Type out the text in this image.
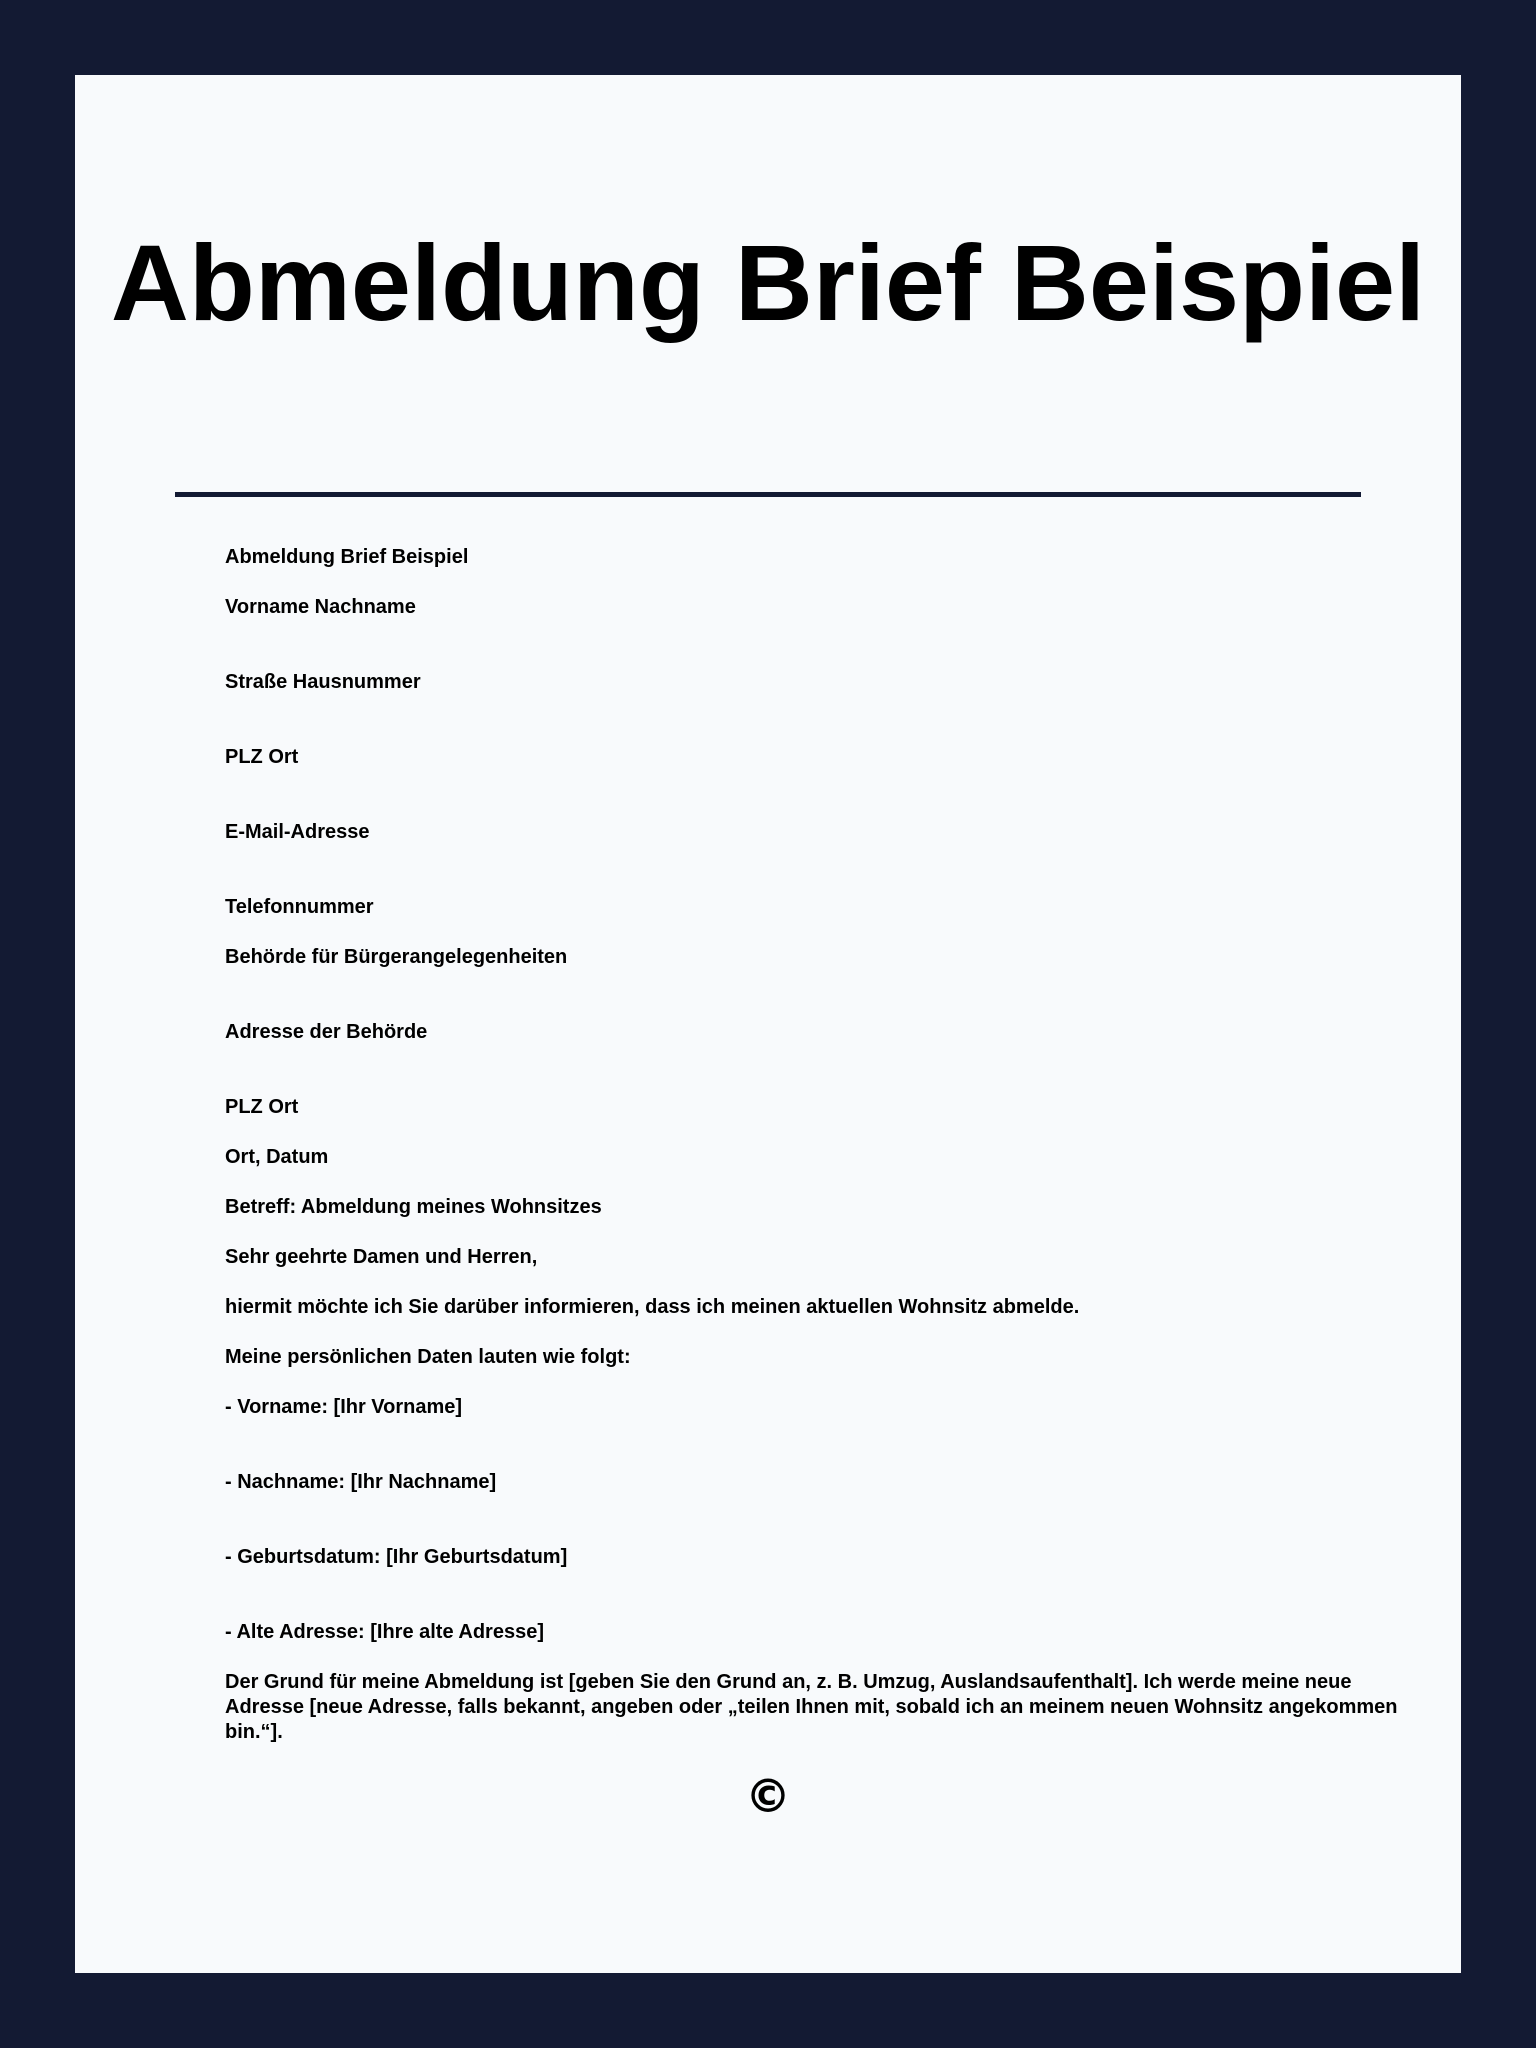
Abmeldung Brief Beispiel

Abmeldung Brief Beispiel

Vorname Nachname

Straße Hausnummer

PLZ Ort

E-Mail-Adresse

Telefonnummer

Behörde für Bürgerangelegenheiten

Adresse der Behörde

PLZ Ort

Ort, Datum

Betreff: Abmeldung meines Wohnsitzes

Sehr geehrte Damen und Herren,

hiermit möchte ich Sie darüber informieren, dass ich meinen aktuellen Wohnsitz abmelde.

Meine persönlichen Daten lauten wie folgt:

- Vorname: [Ihr Vorname]

- Nachname: [Ihr Nachname]

- Geburtsdatum: [Ihr Geburtsdatum]

- Alte Adresse: [Ihre alte Adresse]

Der Grund für meine Abmeldung ist [geben Sie den Grund an, z. B. Umzug, Auslandsaufenthalt]. Ich werde meine neue Adresse [neue Adresse, falls bekannt, angeben oder „teilen Ihnen mit, sobald ich an meinem neuen Wohnsitz angekommen bin.“].

©
